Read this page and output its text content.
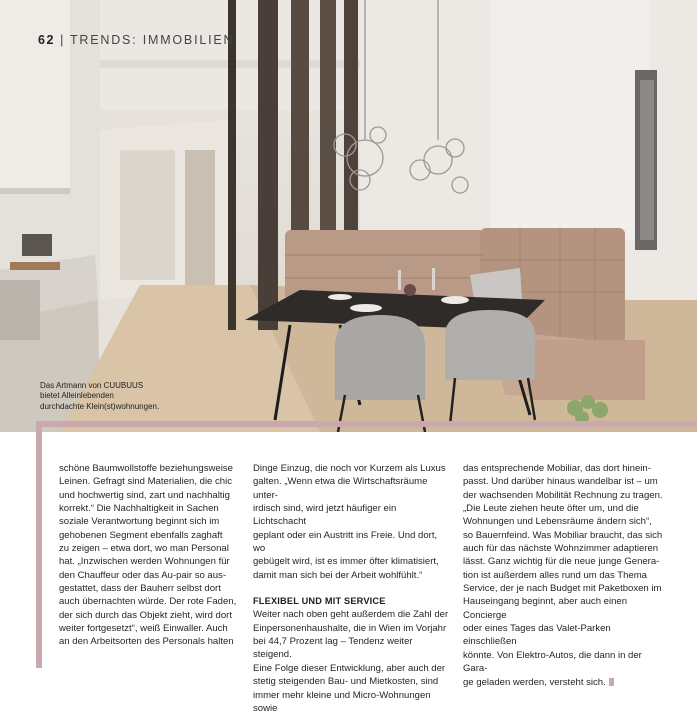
62 | TRENDS: IMMOBILIEN
Das Artmann von CUUBUUS bietet Alleinlebenden durchdachte Klein(st)wohnungen.

schöne Baumwollstoffe beziehungsweise

Leinen. Gefragt sind Materialien, die chic

und hochwertig sind, zart und nachhaltig

korrekt.“ Die Nachhaltigkeit in Sachen

soziale Verantwortung beginnt sich im

gehobenen Segment ebenfalls zaghaft

zu zeigen – etwa dort, wo man Personal

hat. „Inzwischen werden Wohnungen für

den Chauffeur oder das Au-pair so aus-

gestattet, dass der Bauherr selbst dort

auch übernachten würde. Der rote Faden,

der sich durch das Objekt zieht, wird dort

weiter fortgesetzt“, weiß Einwaller. Auch

an den Arbeitsorten des Personals halten

Dinge Einzug, die noch vor Kurzem als Luxus

galten. „Wenn etwa die Wirtschaftsräume unter-

irdisch sind, wird jetzt häufiger ein Lichtschacht

geplant oder ein Austritt ins Freie. Und dort, wo

gebügelt wird, ist es immer öfter klimatisiert,

damit man sich bei der Arbeit wohlfühlt.“

FLEXIBEL UND MIT SERVICE

Weiter nach oben geht außerdem die Zahl der

Einpersonenhaushalte, die in Wien im Vorjahr

bei 44,7 Prozent lag – Tendenz weiter steigend.

Eine Folge dieser Entwicklung, aber auch der

stetig steigenden Bau- und Mietkosten, sind

immer mehr kleine und Micro-Wohnungen sowie

das entsprechende Mobiliar, das dort hinein-

passt. Und darüber hinaus wandelbar ist – um

der wachsenden Mobilität Rechnung zu tragen.

„Die Leute ziehen heute öfter um, und die

Wohnungen und Lebensräume ändern sich“,

so Bauernfeind. Was Mobiliar braucht, das sich

auch für das nächste Wohnzimmer adaptieren

lässt. Ganz wichtig für die neue junge Genera-

tion ist außerdem alles rund um das Thema

Service, der je nach Budget mit Paketboxen im

Hauseingang beginnt, aber auch einen Concierge

oder eines Tages das Valet-Parken einschließen

könnte. Von Elektro-Autos, die dann in der Gara-

ge geladen werden, versteht sich.
